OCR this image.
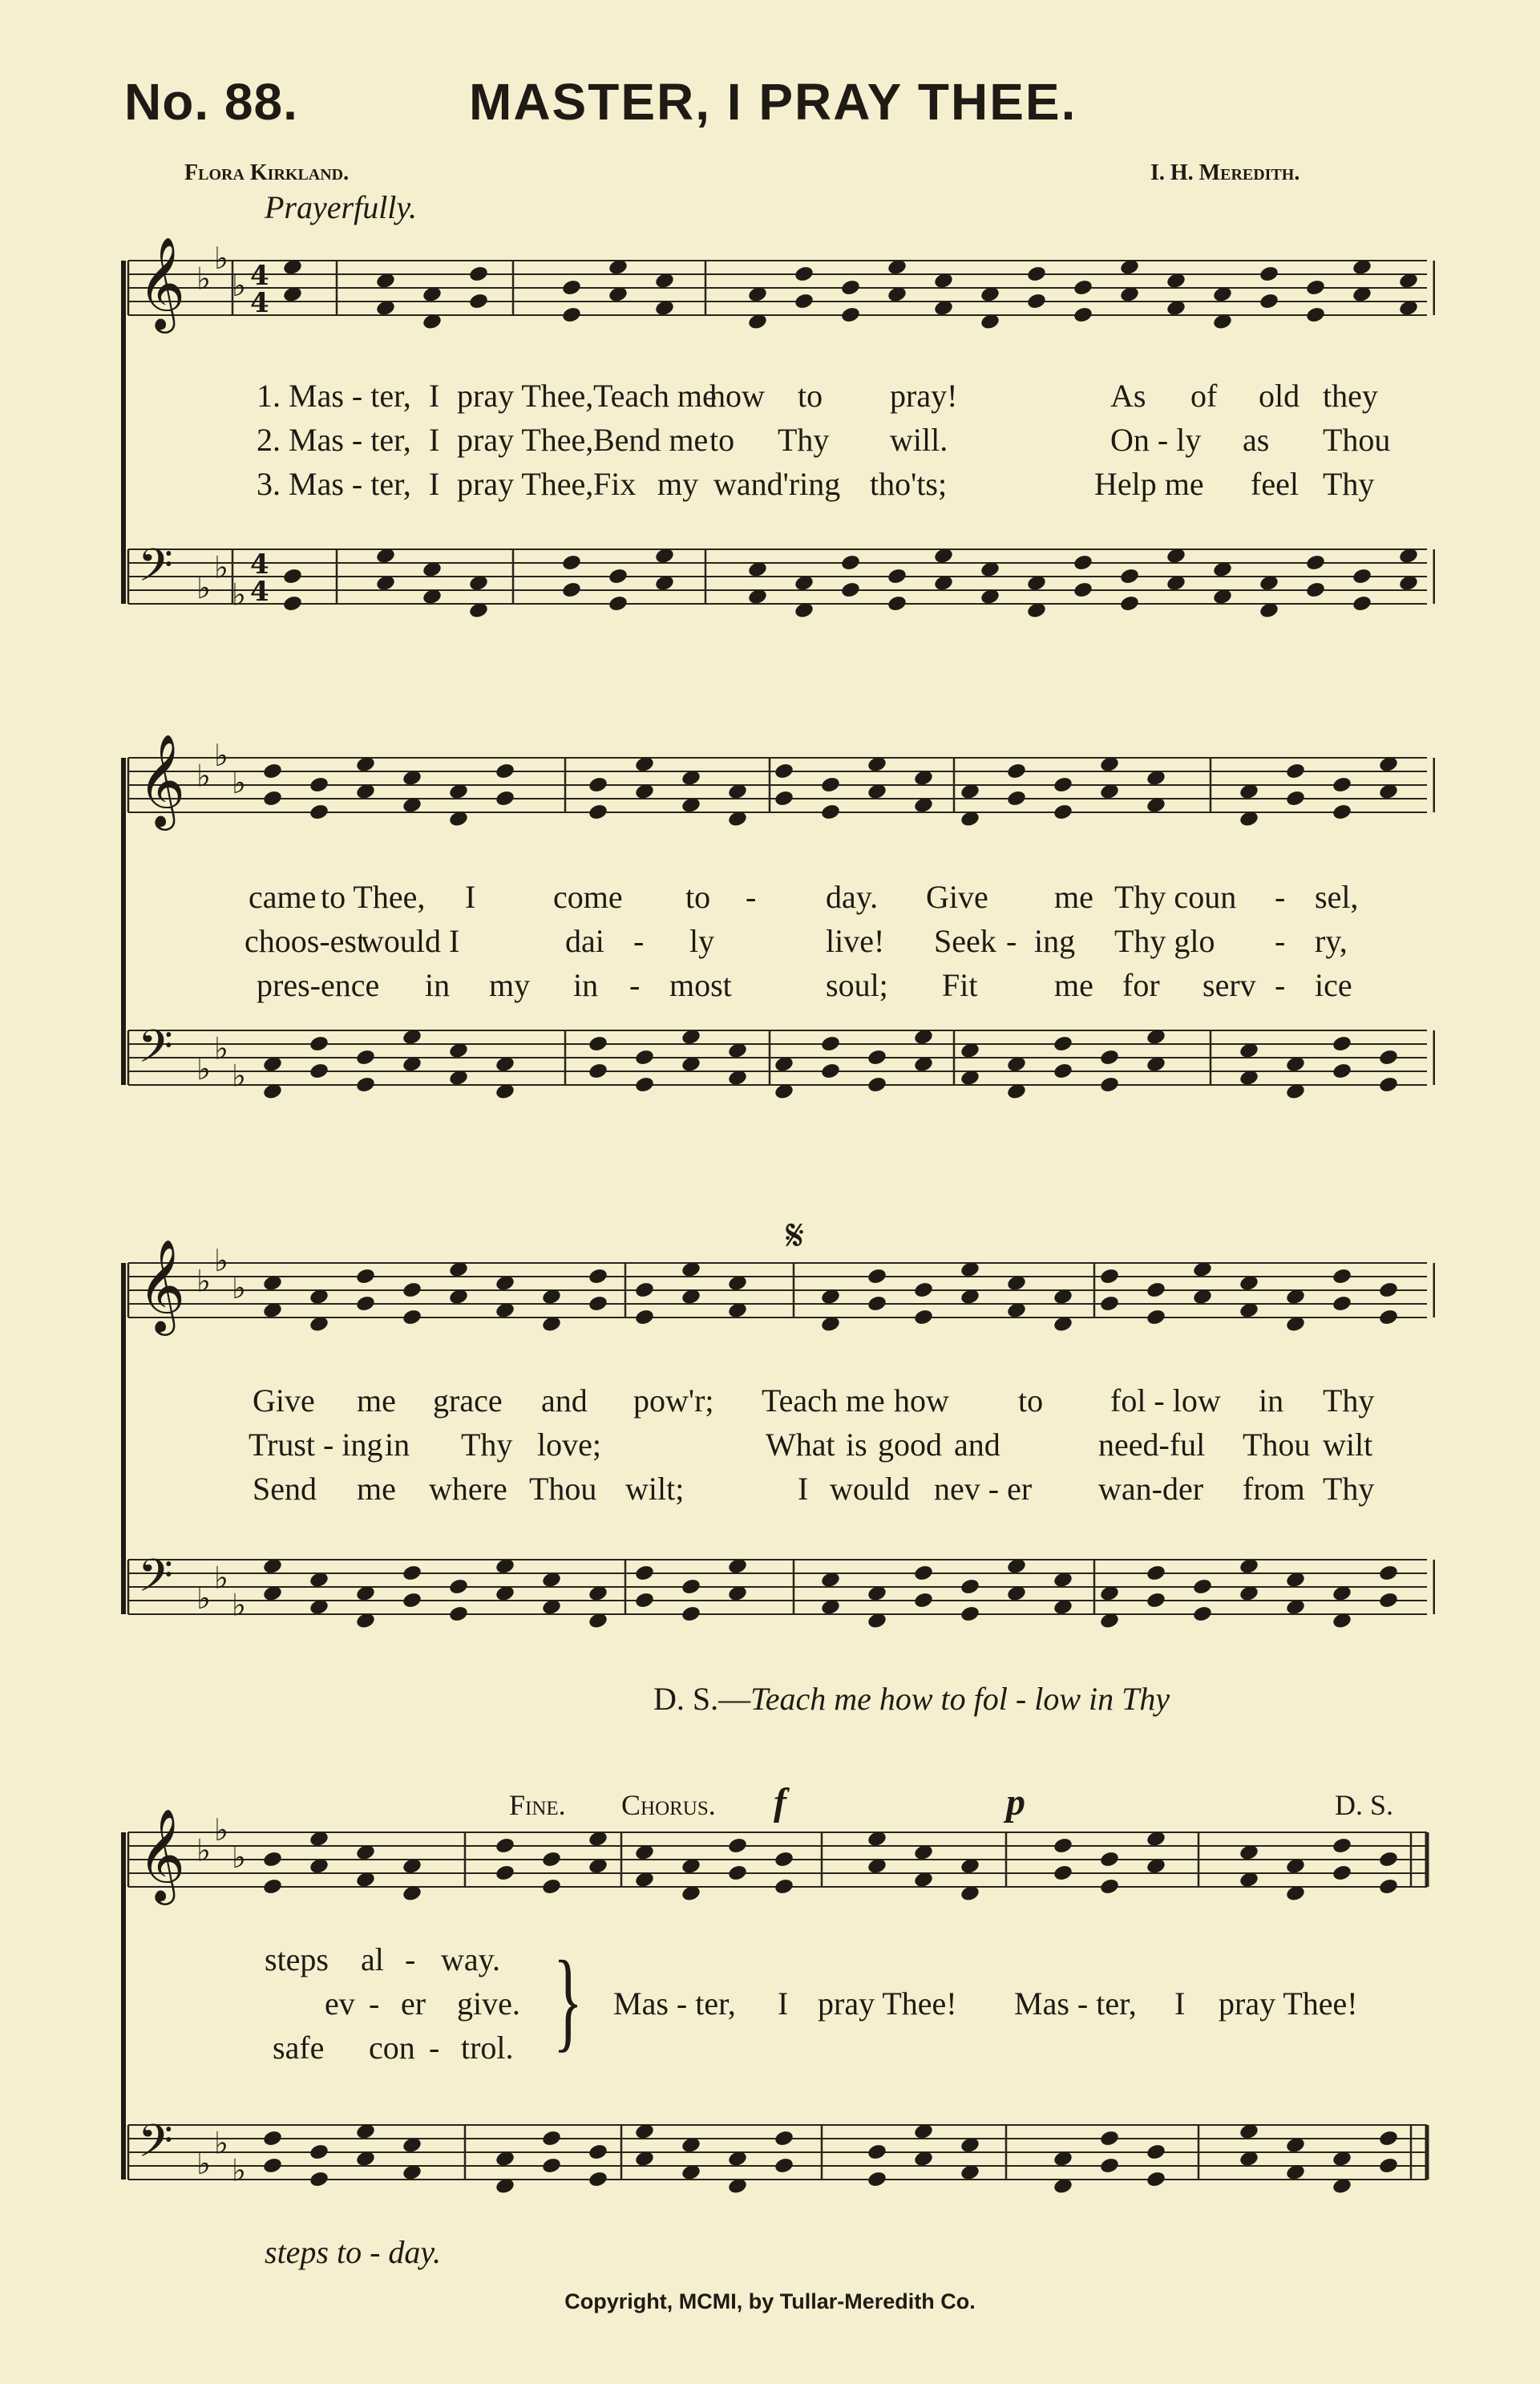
No. 88.	MASTER, I PRAY THEE.
Flora Kirkland.	I. H. Meredith.
Prayerfully.
𝄞 ♭
♭
♭ 4
4
𝄢 ♭
♭
♭
4
4
1. Mas - ter, I pray Thee, Teach me
how to pray!	As of old they
2. Mas - ter, I pray Thee, Bend me to Thy will.	On - ly as Thou
3. Mas - ter, I pray Thee, Fix my wand'ring tho'ts;	Help me feel Thy
𝄞 ♭
♭
♭
𝄢 ♭
♭
♭
came to Thee, I come to - day. Give me Thy coun - sel,
choos-est
would I	dai - ly	live! Seek - ing Thy glo - ry,
pres-ence in my in - most	soul; Fit me for serv - ice
𝄋
𝄞 ♭
♭
♭
𝄢 ♭
♭
♭
Give me grace and pow'r; Teach me how to fol - low in Thy
Trust - ing in Thy love;	What is good and	need-ful Thou wilt
Send me where Thou wilt;	I would nev - er wan-der from Thy
D. S.—Teach me how to fol - low in Thy
Fine. Chorus. f	p	D. S.
𝄞 ♭
♭
♭
𝄢 ♭
♭
♭
steps al - way.
ev - er give.
safe con - trol. } Mas - ter, I pray Thee! Mas - ter, I pray Thee!
steps to - day.
Copyright, MCMI, by Tullar-Meredith Co.
